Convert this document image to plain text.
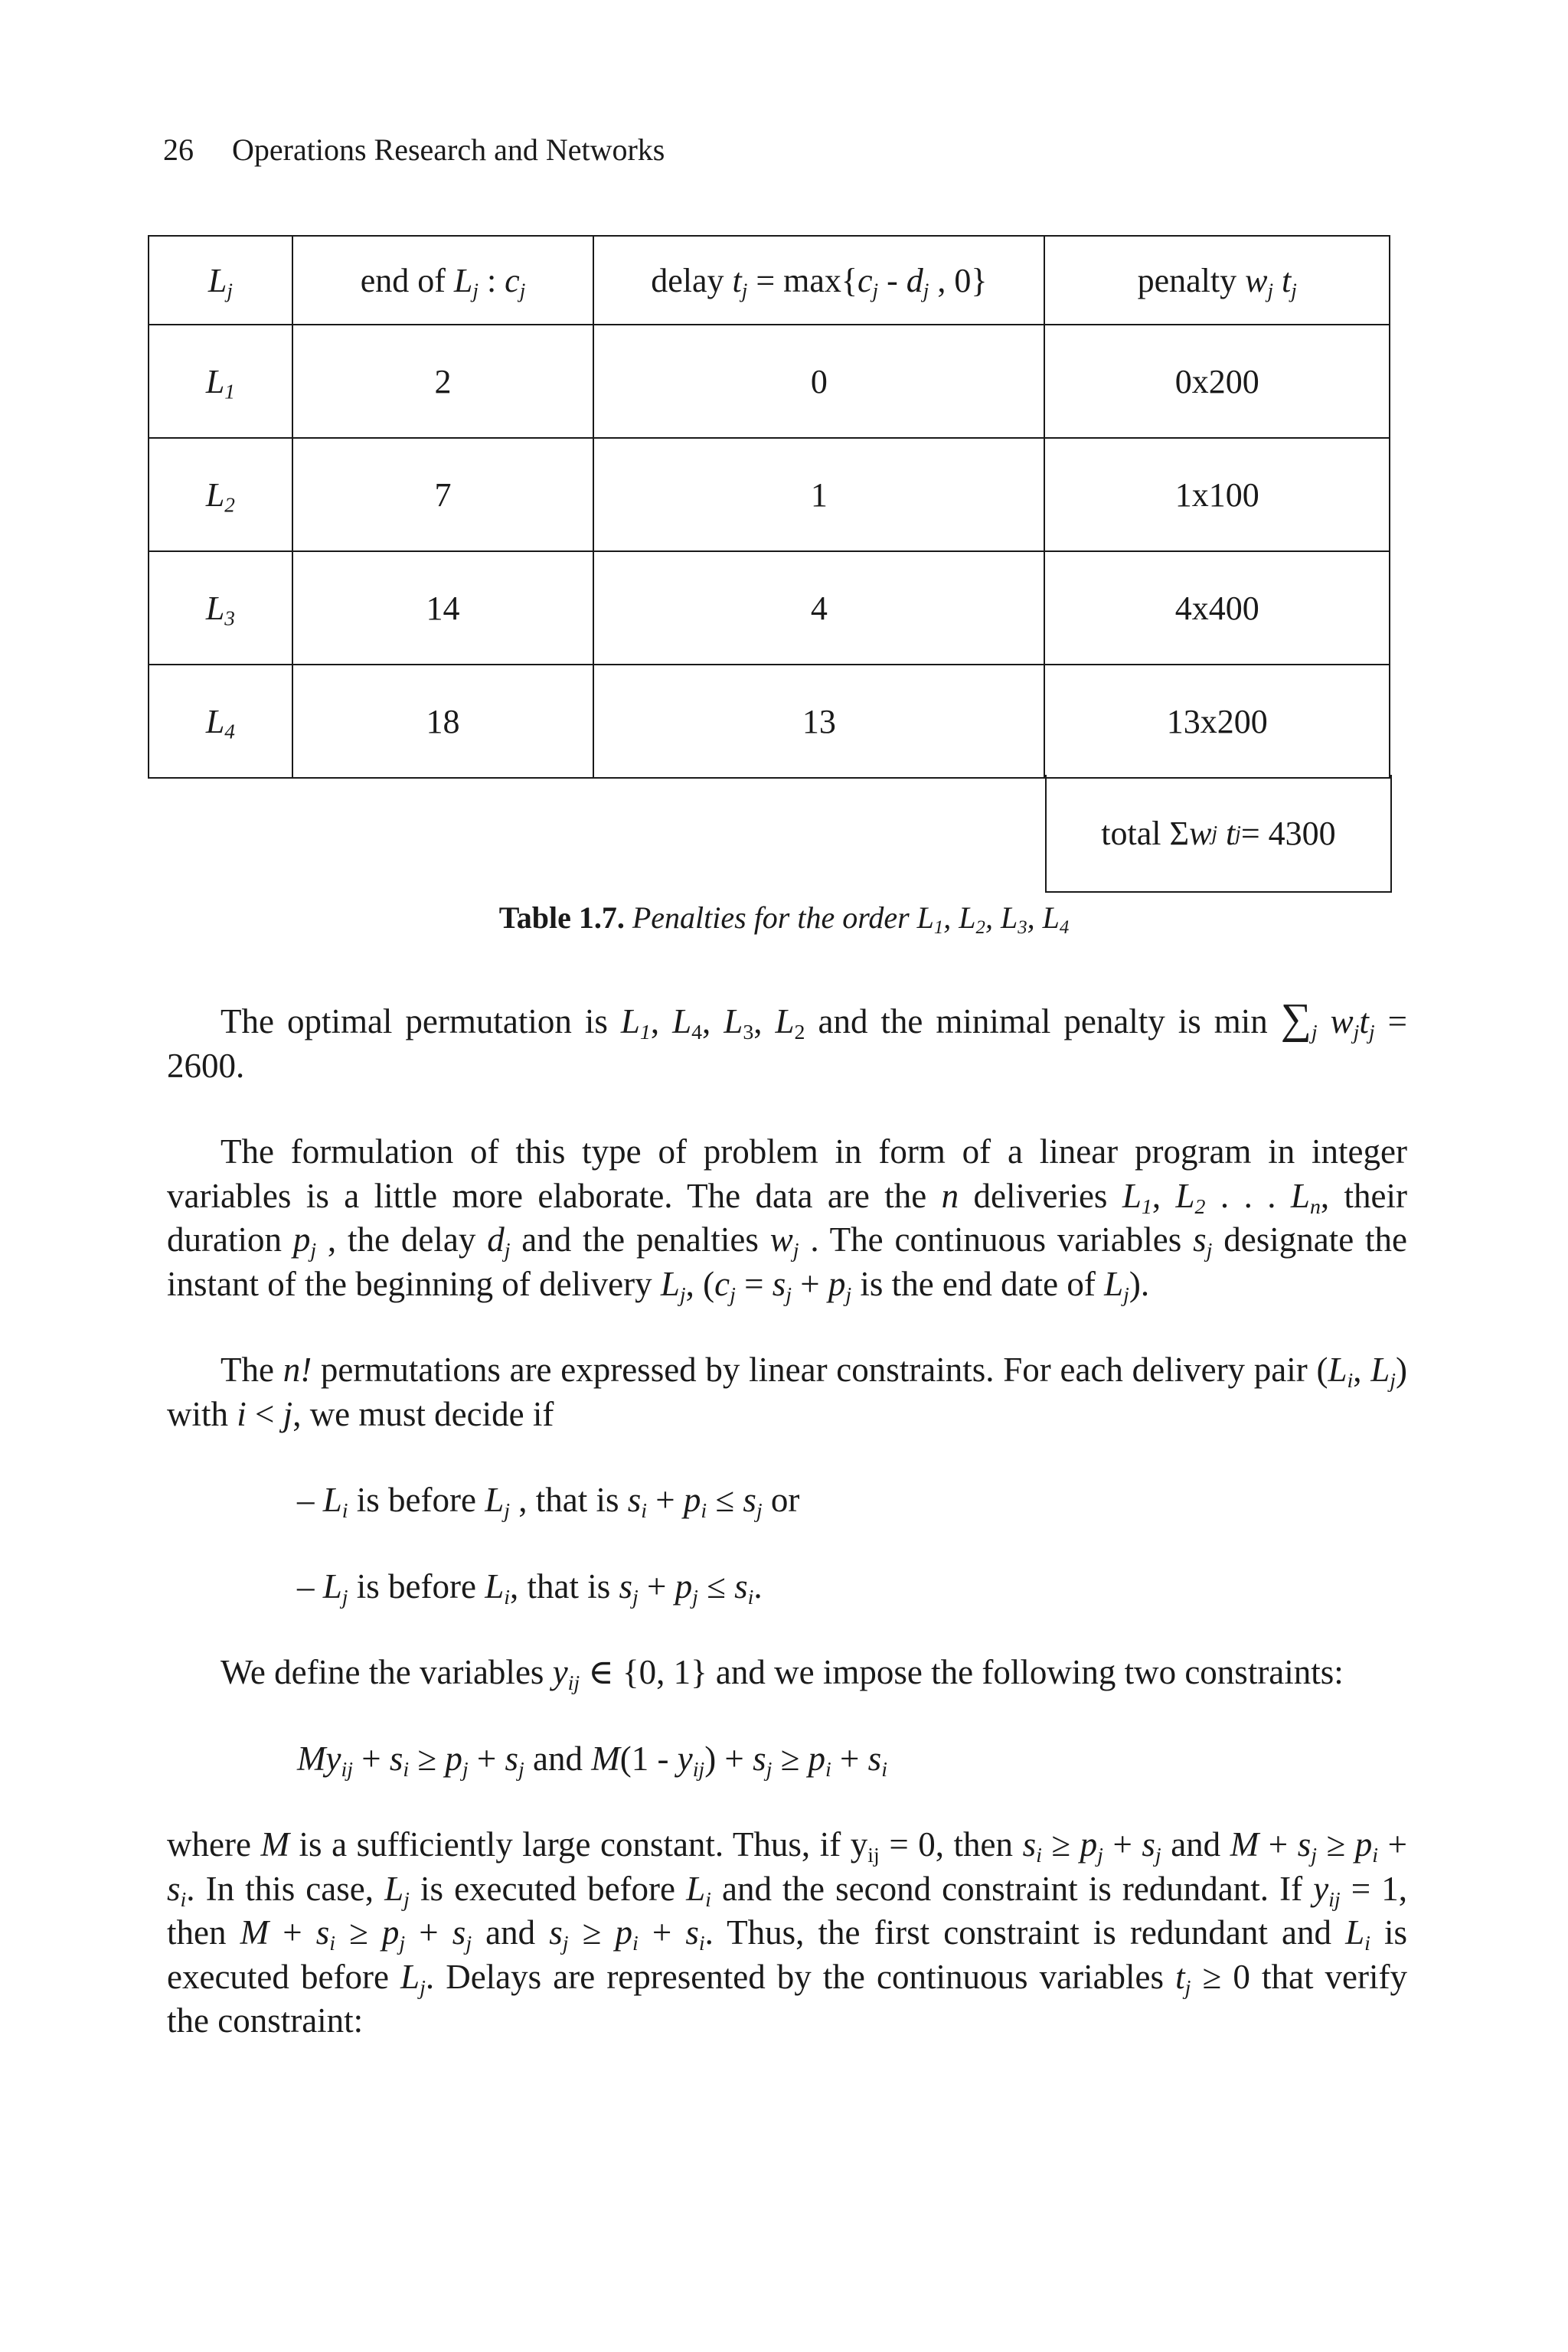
26 Operations Research and Networks
$L_j$	end of $L_j$ : $c_j$	delay $t_j = \max\{c_j - d_j$ , 0}	penalty $w_j$ $t_j$
$L_1$	2	0	0x200
$L_2$	7	1	1x100
$L_3$	14	4	4x400
$L_4$	18	13	13x200
total Σ w j
t j = 4300
Table 1.7. Penalties for the order $L_1$, $L_2$, $L_3$, $L_4$

The optimal permutation is $L_1$, $L_4$, $L_3$, $L_2$ and the minimal penalty is $\min \sum_j$ $w_jt_j = 2600$.

The formulation of this type of problem in form of a linear program in integer variables is a little more elaborate. The data are the n deliveries $L_1$, $L_2$ . . . $L_n$, their duration $p_j$ , the delay $d_j$ and the penalties $w_j$ . The continuous variables $s_j$ designate the instant of the beginning of delivery $L_j$, ($c_j = s_j + p_j$ is the end date of $L_j$).

The n! permutations are expressed by linear constraints. For each delivery pair ($L_i$, $L_j$) with i < j, we must decide if

– $L_i$ is before $L_j$ , that is $s_i + p_i \le s_j$ or

– $L_j$ is before $L_i$, that is $s_j + p_j \le s_i$.

We define the variables $y_{ij}$ ∈ {0, 1} and we impose the following two constraints:

$My_{ij} + s_i \ge p_j + s_j$ and $M(1 - y_{ij}) + s_j \ge p_i + s_i$

where M is a sufficiently large constant. Thus, if $y_{ij} = 0$, then $s_i \ge p_j + s_j$ and $M + s_j \ge p_i + s_i$. In this case, $L_j$ is executed before $L_i$ and the second constraint is redundant. If $y_{ij} = 1$, then $M + s_i \ge p_j + s_j$ and $s_j \ge p_i + s_i$. Thus, the first constraint is redundant and $L_i$ is executed before $L_j$. Delays are represented by the continuous variables $t_j \ge 0$ that verify the constraint:
